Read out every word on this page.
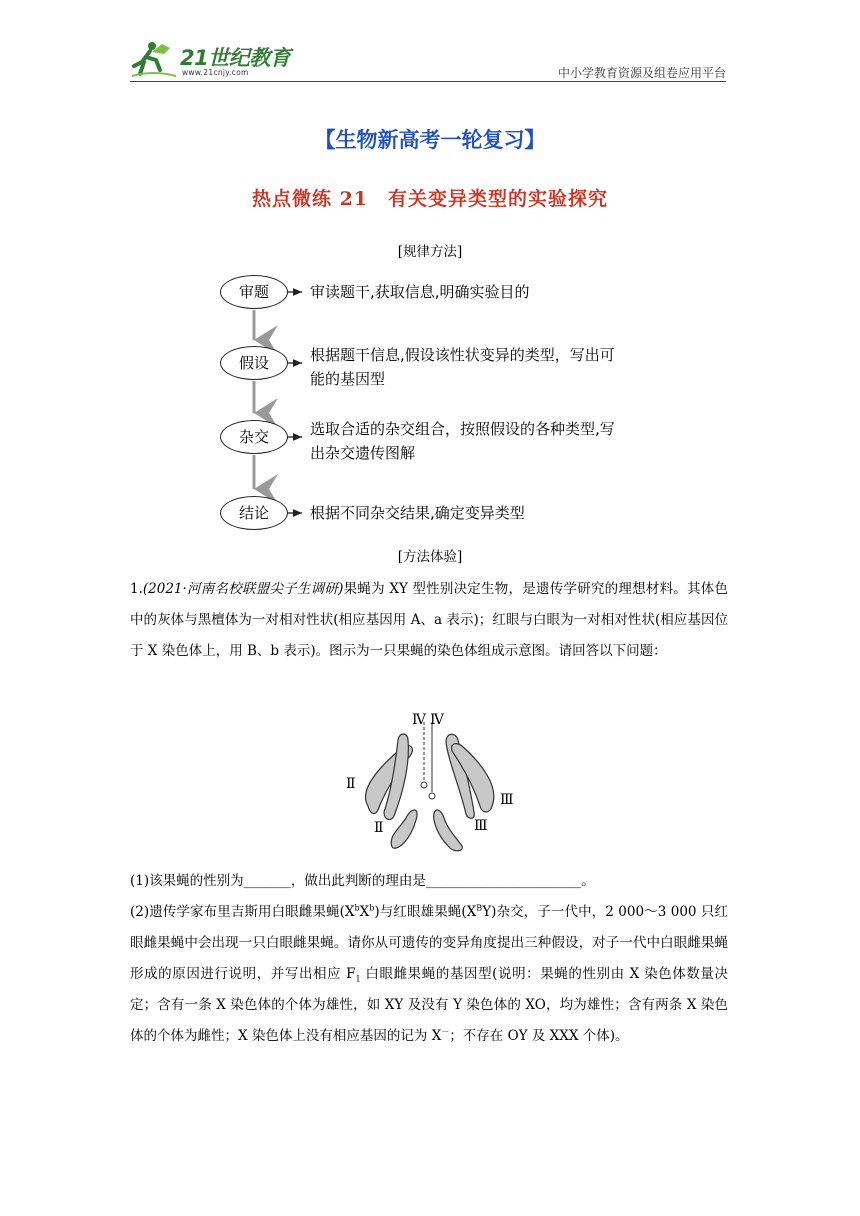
21世纪教育
www.21cnjy.com	中小学教育资源及组卷应用平台
【生物新高考一轮复习】
热点微练 21　有关变异类型的实验探究
[规律方法]
审题	审读题干,获取信息,明确实验目的
假设	根据题干信息,假设该性状变异的类型，写出可
能的基因型
杂交	选取合适的杂交组合，按照假设的各种类型,写
出杂交遗传图解
结论	根据不同杂交结果,确定变异类型
[方法体验]
1.(2021·河南名校联盟尖子生调研)果蝇为 XY 型性别决定生物，是遗传学研究的理想材料。其体色中的灰体与黑檀体为一对相对性状(相应基因用 A、a 表示)；红眼与白眼为一对相对性状(相应基因位于 X 染色体上，用 B、b 表示)。图示为一只果蝇的染色体组成示意图。请回答以下问题：
Ⅳ Ⅳ
Ⅱ
Ⅱ
Ⅲ
Ⅲ
(1)该果蝇的性别为_______，做出此判断的理由是_______________________。
(2)遗传学家布里吉斯用白眼雌果蝇$(X^bX^b)$与红眼雄果蝇$(X^BY)$杂交，子一代中，2 000～3 000 只红眼雌果蝇中会出现一只白眼雌果蝇。请你从可遗传的变异角度提出三种假设，对子一代中白眼雌果蝇形成的原因进行说明，并写出相应 $F_1$ 白眼雌果蝇的基因型(说明：果蝇的性别由 X 染色体数量决定；含有一条 X 染色体的个体为雄性，如 XY 及没有 Y 染色体的 XO，均为雄性；含有两条 X 染色体的个体为雌性；X 染色体上没有相应基因的记为 X－；不存在 OY 及 XXX 个体)。
